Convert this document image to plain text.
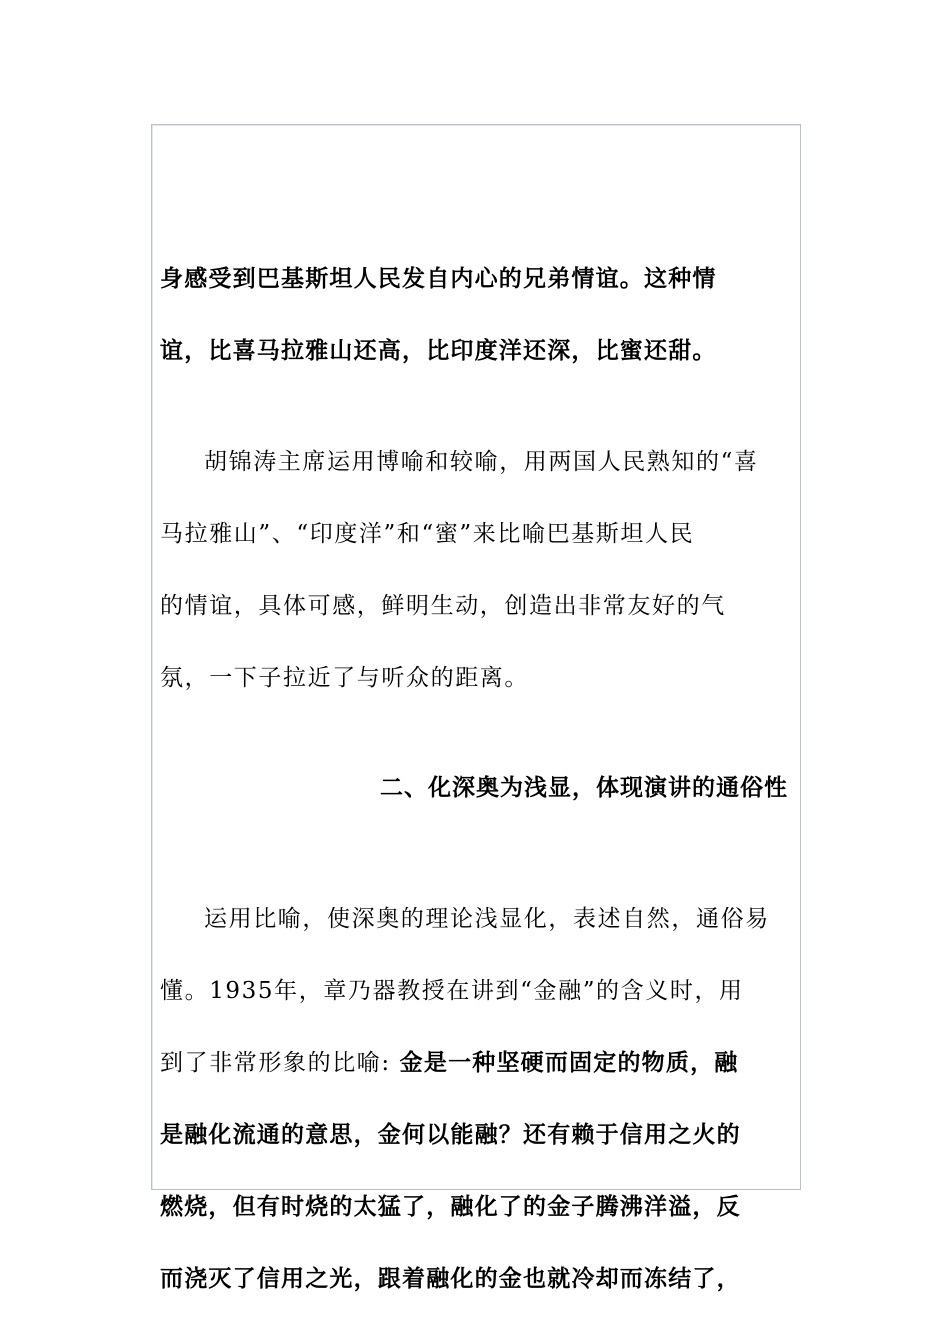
身感受到巴基斯坦人民发自内心的兄弟情谊。这种情
谊，比喜马拉雅山还高，比印度洋还深，比蜜还甜。
胡锦涛主席运用博喻和较喻，用两国人民熟知的“喜
马拉雅山”、“印度洋”和“蜜”来比喻巴基斯坦人民
的情谊，具体可感，鲜明生动，创造出非常友好的气
氛，一下子拉近了与听众的距离。
二、化深奥为浅显，体现演讲的通俗性
运用比喻，使深奥的理论浅显化，表述自然，通俗易
懂。1935年，章乃器教授在讲到“金融”的含义时，用
到了非常形象的比喻: 金是一种坚硬而固定的物质，融
是融化流通的意思，金何以能融？还有赖于信用之火的
燃烧，但有时烧的太猛了，融化了的金子腾沸洋溢，反
而浇灭了信用之光，跟着融化的金也就冷却而冻结了，
